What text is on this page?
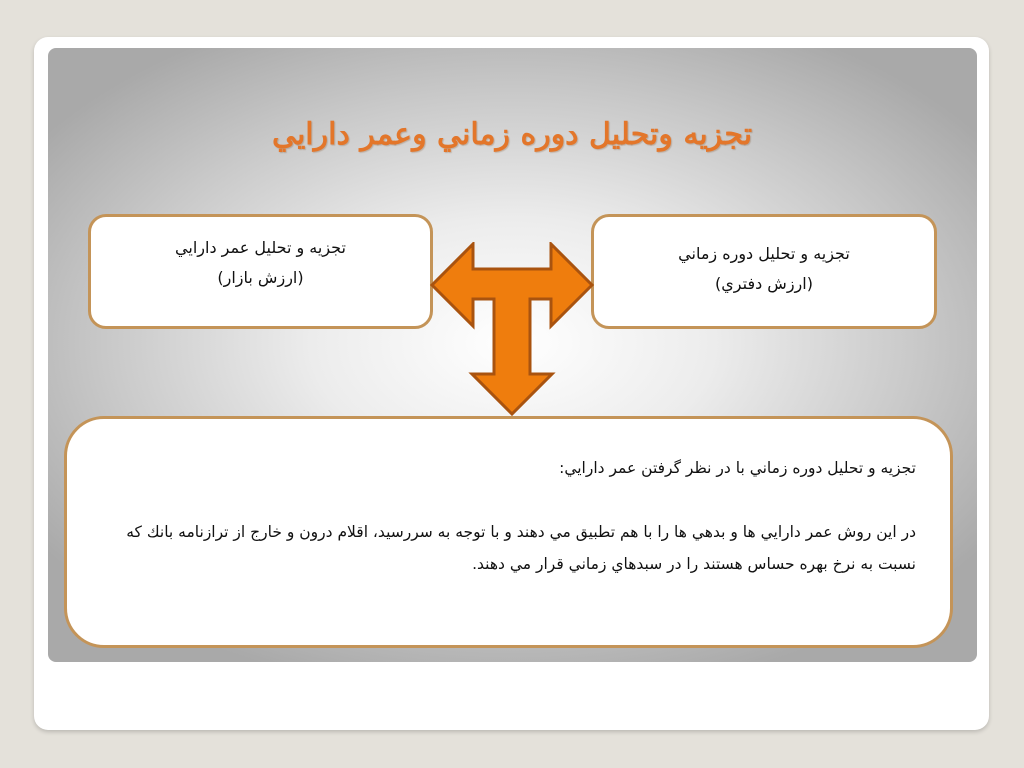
تجزيه وتحليل دوره زماني وعمر دارايي
تجزيه و تحليل عمر دارايي
(ارزش بازار)
تجزيه و تحليل دوره زماني
(ارزش دفتري)
تجزيه و تحليل دوره زماني با در نظر گرفتن عمر دارايي:
در اين روش عمر دارايي ها و بدهي ها را با هم تطبيق مي دهند و با توجه به سررسيد، اقلام درون و خارج از ترازنامه بانك كه نسبت به نرخ بهره حساس هستند را در سبدهاي زماني قرار مي دهند.
